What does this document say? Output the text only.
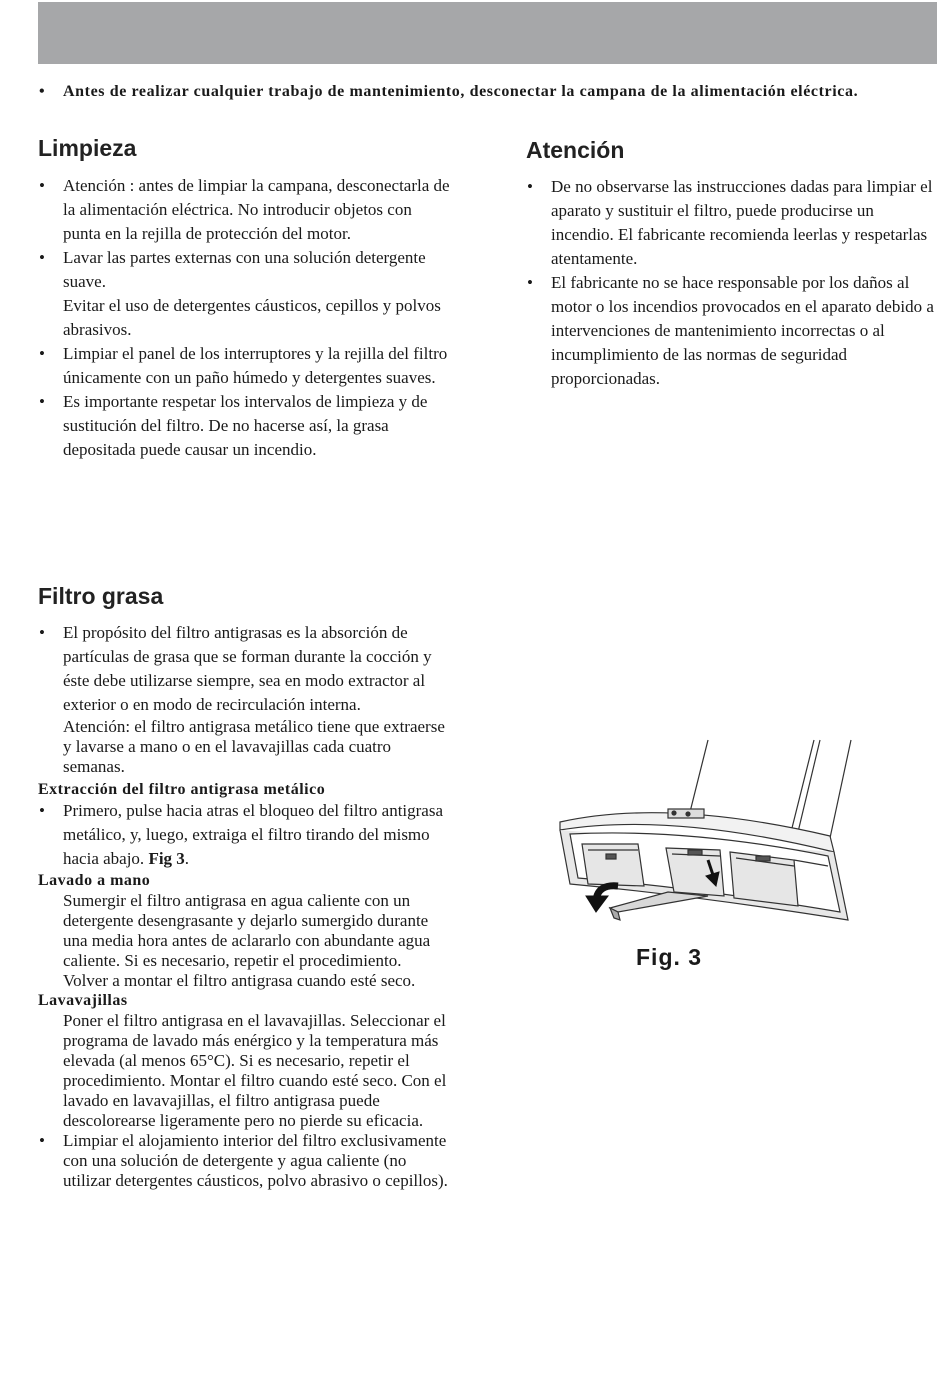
• Antes de realizar cualquier trabajo de mantenimiento, desconectar la campana de la alimentación eléctrica.
Limpieza
• Atención : antes de limpiar la campana, desconectarla de la alimentación eléctrica. No introducir objetos con punta en la rejilla de protección del motor.

• Lavar las partes externas con una solución detergente suave.

Evitar el uso de detergentes cáusticos, cepillos y polvos abrasivos.

• Limpiar el panel de los interruptores y la rejilla del filtro únicamente con un paño húmedo y detergentes suaves.
• Es importante respetar los intervalos de limpieza y de sustitución del filtro. De no hacerse así, la grasa depositada puede causar un incendio.
Atención
• De no observarse las instrucciones dadas para limpiar el aparato y sustituir el filtro, puede producirse un incendio. El fabricante recomienda leerlas y respetarlas atentamente.
• El fabricante no se hace responsable por los daños al motor o los incendios provocados en el aparato debido a intervenciones de mantenimiento incorrectas o al incumplimiento de las normas de seguridad proporcionadas.
Filtro grasa

• El propósito del filtro antigrasas es la absorción de partículas de grasa que se forman durante la cocción y éste debe utilizarse siempre, sea en modo extractor al exterior o en modo de recirculación interna.

Atención: el filtro antigrasa metálico tiene que extraerse y lavarse a mano o en el lavavajillas cada cuatro semanas.

Extracción del filtro antigrasa metálico
• Primero, pulse hacia atras el bloqueo del filtro antigrasa metálico, y, luego, extraiga el filtro tirando del mismo hacia abajo. Fig 3.
Lavado a mano

Sumergir el filtro antigrasa en agua caliente con un detergente desengrasante y dejarlo sumergido durante una media hora antes de aclararlo con abundante agua caliente. Si es necesario, repetir el procedimiento. Volver a montar el filtro antigrasa cuando esté seco.

Lavavajillas

Poner el filtro antigrasa en el lavavajillas. Seleccionar el programa de lavado más enérgico y la temperatura más elevada (al menos 65°C). Si es necesario, repetir el procedimiento. Montar el filtro cuando esté seco. Con el lavado en lavavajillas, el filtro antigrasa puede descolorearse ligeramente pero no pierde su eficacia.

• Limpiar el alojamiento interior del filtro exclusivamente con una solución de detergente y agua caliente (no utilizar detergentes cáusticos, polvo abrasivo o cepillos).
Fig. 3
